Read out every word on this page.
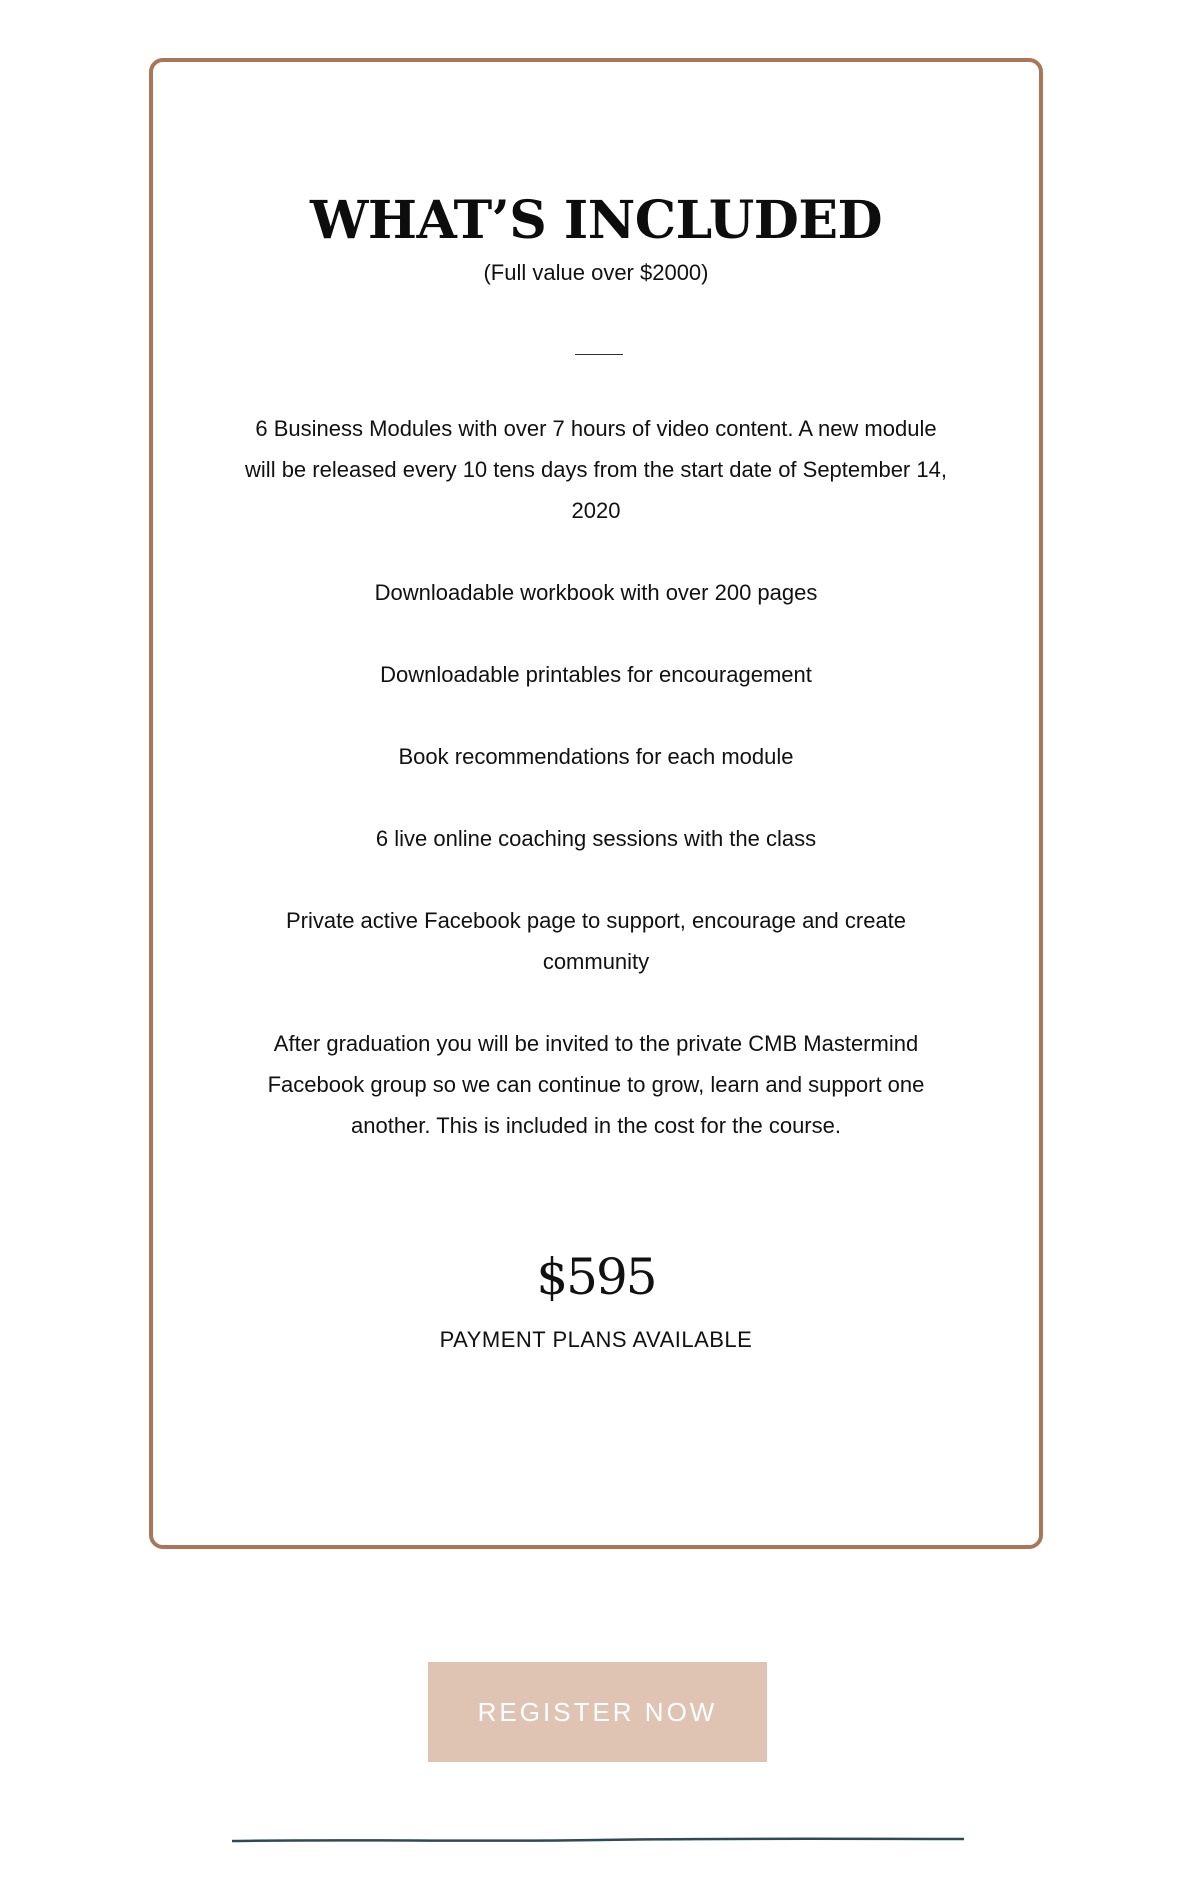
WHAT’S INCLUDED
(Full value over $2000)
6 Business Modules with over 7 hours of video content. A new module will be released every 10 tens days from the start date of September 14, 2020
Downloadable workbook with over 200 pages
Downloadable printables for encouragement
Book recommendations for each module
6 live online coaching sessions with the class
Private active Facebook page to support, encourage and create community
After graduation you will be invited to the private CMB Mastermind Facebook group so we can continue to grow, learn and support one another. This is included in the cost for the course.
$595
PAYMENT PLANS AVAILABLE
REGISTER NOW
